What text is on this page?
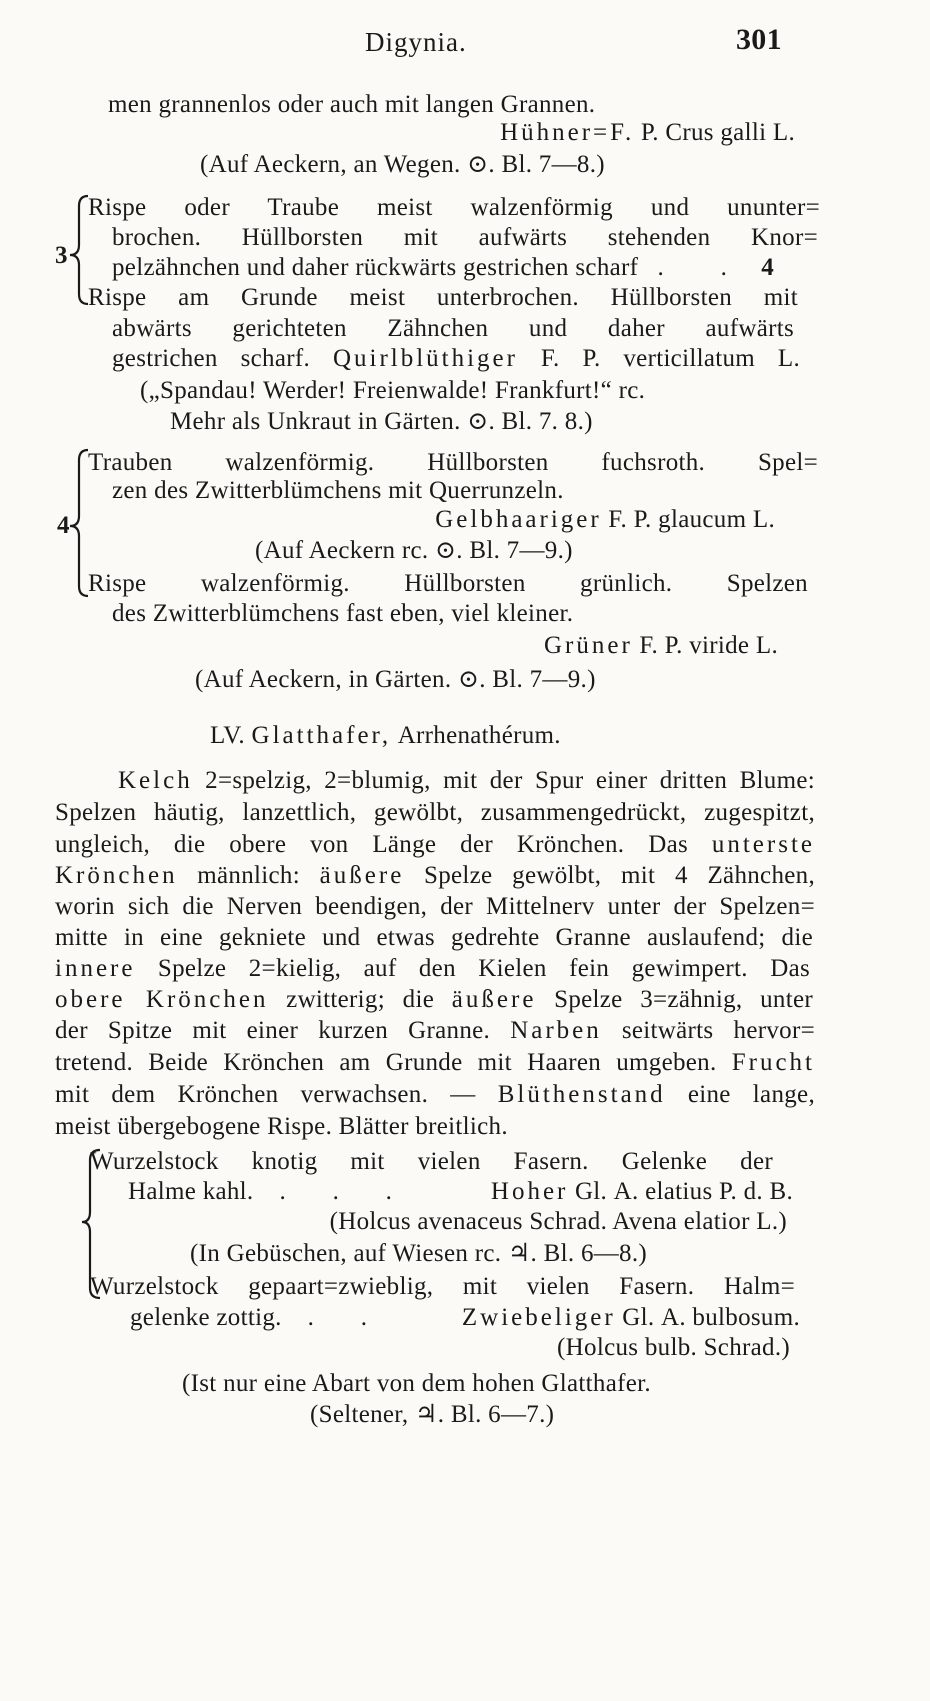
Digynia.	301
men grannenlos oder auch mit langen Grannen.
Hühner=F. P. Crus galli L.
(Auf Aeckern, an Wegen. ⊙. Bl. 7—8.)
3
Rispe oder Traube meist walzenförmig und ununter=
brochen. Hüllborsten mit aufwärts stehenden Knor=
pelzähnchen und daher rückwärts gestrichen scharf . . 4
Rispe am Grunde meist unterbrochen. Hüllborsten mit
abwärts gerichteten Zähnchen und daher aufwärts
gestrichen scharf. Quirlblüthiger F. P. verticillatum L.
(„Spandau! Werder! Freienwalde! Frankfurt!“ rc.
Mehr als Unkraut in Gärten. ⊙. Bl. 7. 8.)
4
Trauben walzenförmig. Hüllborsten fuchsroth. Spel=
zen des Zwitterblümchens mit Querrunzeln.
Gelbhaariger F. P. glaucum L.
(Auf Aeckern rc. ⊙. Bl. 7—9.)
Rispe walzenförmig. Hüllborsten grünlich. Spelzen
des Zwitterblümchens fast eben, viel kleiner.
Grüner F. P. viride L.
(Auf Aeckern, in Gärten. ⊙. Bl. 7—9.)
LV. Glatthafer, Arrhenathérum.
Kelch 2=spelzig, 2=blumig, mit der Spur einer dritten Blume:
Spelzen häutig, lanzettlich, gewölbt, zusammengedrückt, zugespitzt,
ungleich, die obere von Länge der Krönchen. Das unterste
Krönchen männlich: äußere Spelze gewölbt, mit 4 Zähnchen,
worin sich die Nerven beendigen, der Mittelnerv unter der Spelzen=
mitte in eine gekniete und etwas gedrehte Granne auslaufend; die
innere Spelze 2=kielig, auf den Kielen fein gewimpert. Das
obere Krönchen zwitterig; die äußere Spelze 3=zähnig, unter
der Spitze mit einer kurzen Granne. Narben seitwärts hervor=
tretend. Beide Krönchen am Grunde mit Haaren umgeben. Frucht
mit dem Krönchen verwachsen. — Blüthenstand eine lange,
meist übergebogene Rispe. Blätter breitlich.
Wurzelstock knotig mit vielen Fasern. Gelenke der
Halme kahl. . . .	Hoher Gl. A. elatius P. d. B.
(Holcus avenaceus Schrad. Avena elatior L.)
(In Gebüschen, auf Wiesen rc. ♃. Bl. 6—8.)
Wurzelstock gepaart=zwieblig, mit vielen Fasern. Halm=
gelenke zottig. . .	Zwiebeliger Gl. A. bulbosum.
(Holcus bulb. Schrad.)
(Ist nur eine Abart von dem hohen Glatthafer.
(Seltener, ♃. Bl. 6—7.)
